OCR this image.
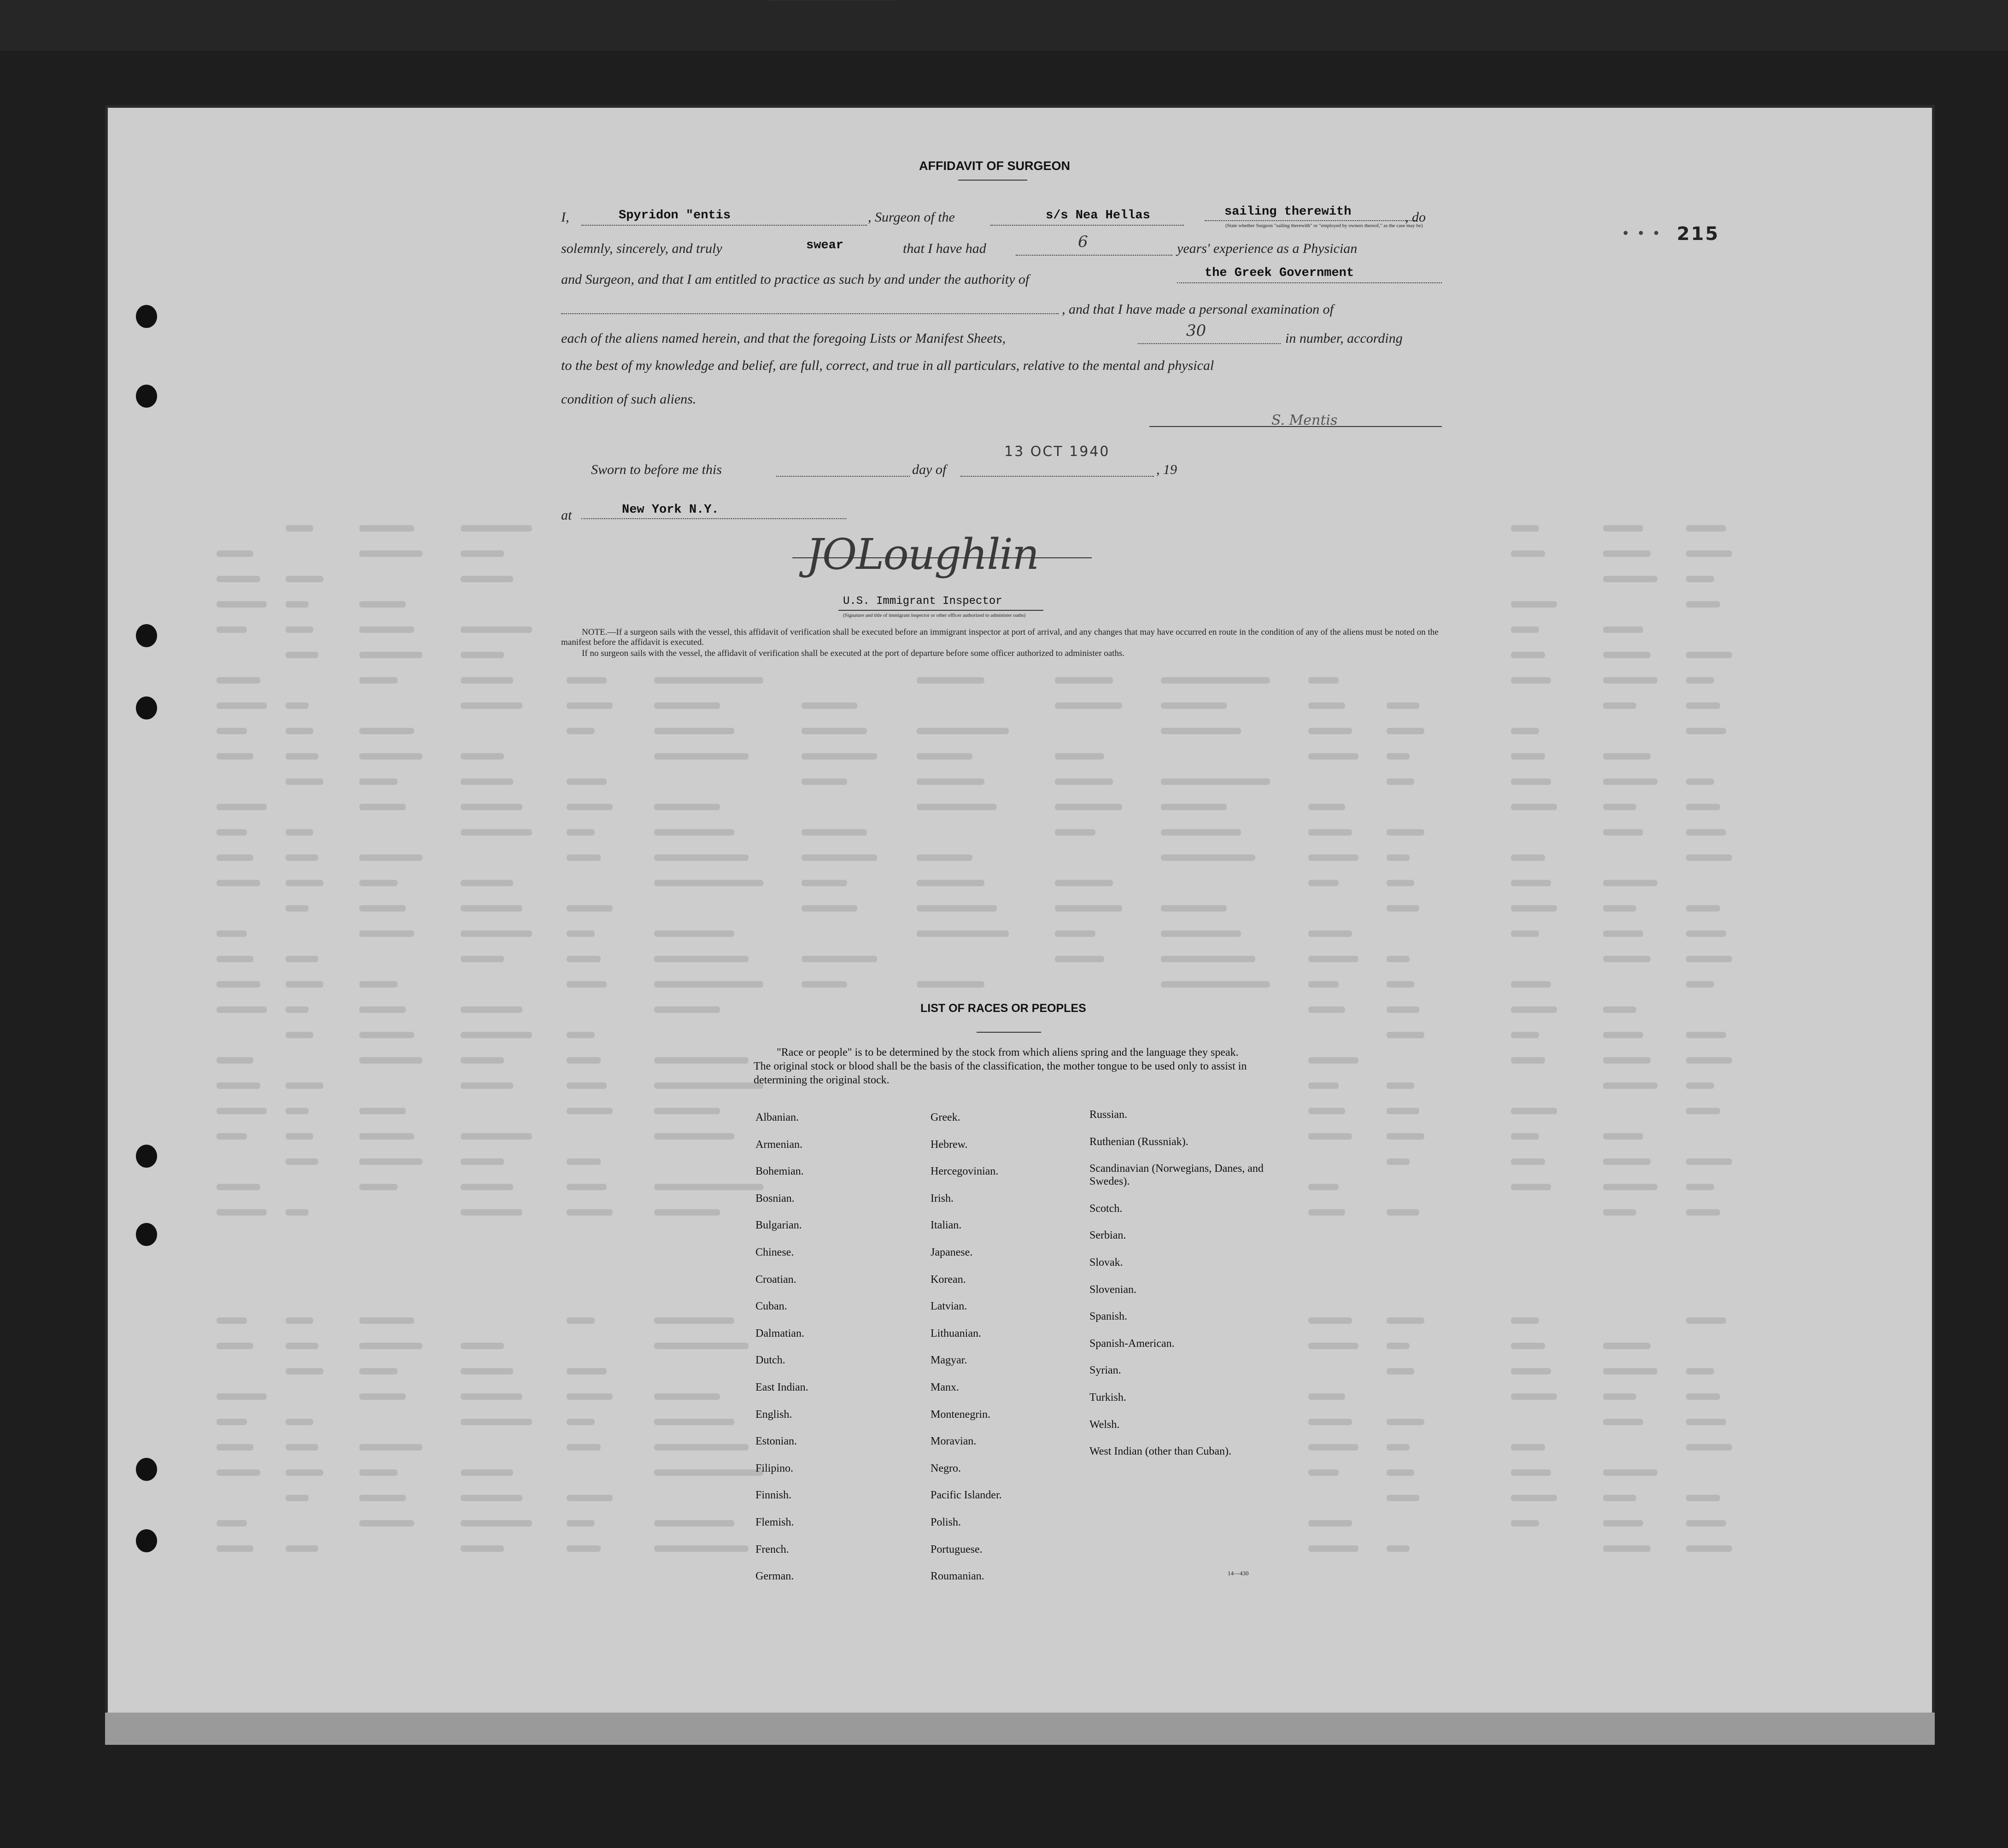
215
• • •
AFFIDAVIT OF SURGEON
I,	Spyridon "entis	, Surgeon of the	s/s Nea Hellas	sailing therewith
(State whether Surgeon "sailing therewith" or "employed by owners thereof," as the case may be)
, do
solemnly, sincerely, and truly	swear	that I have had	6	years' experience as a Physician
and Surgeon, and that I am entitled to practice as such by and under the authority of	the Greek Government
, and that I have made a personal examination of
each of the aliens named herein, and that the foregoing Lists or Manifest Sheets,	30	in number, according
to the best of my knowledge and belief, are full, correct, and true in all particulars, relative to the mental and physical
condition of such aliens.
S. Mentis
Sworn to before me this	day of
13 OCT 1940
, 19
at	New York N.Y.
JOLoughlin
U.S. Immigrant Inspector
(Signature and title of immigrant inspector or other officer authorized to administer oaths)
NOTE.—If a surgeon sails with the vessel, this affidavit of verification shall be executed before an immigrant inspector at port of arrival, and any changes that may have occurred en route in the condition of any of the aliens must be noted on the manifest before the affidavit is executed.
If no surgeon sails with the vessel, the affidavit of verification shall be executed at the port of departure before some officer authorized to administer oaths.
LIST OF RACES OR PEOPLES
"Race or people" is to be determined by the stock from which aliens spring and the language they speak. The original stock or blood shall be the basis of the classification, the mother tongue to be used only to assist in determining the original stock.
Albanian.
Armenian.
Bohemian.
Bosnian.
Bulgarian.
Chinese.
Croatian.
Cuban.
Dalmatian.
Dutch.
East Indian.
English.
Estonian.
Filipino.
Finnish.
Flemish.
French.
German.
Greek.
Hebrew.
Hercegovinian.
Irish.
Italian.
Japanese.
Korean.
Latvian.
Lithuanian.
Magyar.
Manx.
Montenegrin.
Moravian.
Negro.
Pacific Islander.
Polish.
Portuguese.
Roumanian.
Russian.
Ruthenian (Russniak).
Scandinavian (Norwegians, Danes, and Swedes).
Scotch.
Serbian.
Slovak.
Slovenian.
Spanish.
Spanish-American.
Syrian.
Turkish.
Welsh.
West Indian (other than Cuban).
14—430
